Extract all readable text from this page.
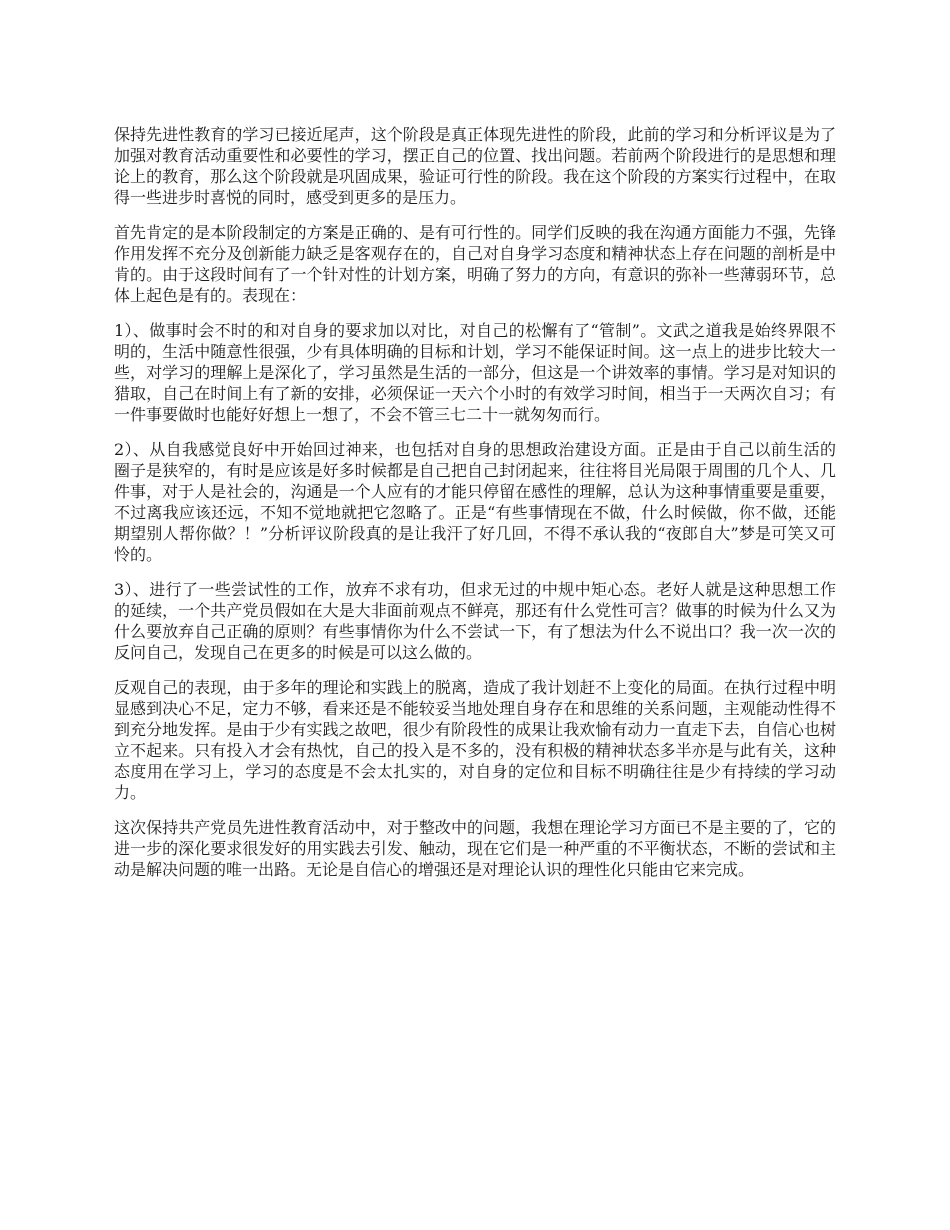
保持先进性教育的学习已接近尾声，这个阶段是真正体现先进性的阶段，此前的学习和分析评议是为了加强对教育活动重要性和必要性的学习，摆正自己的位置、找出问题。若前两个阶段进行的是思想和理论上的教育，那么这个阶段就是巩固成果，验证可行性的阶段。我在这个阶段的方案实行过程中，在取得一些进步时喜悦的同时，感受到更多的是压力。

首先肯定的是本阶段制定的方案是正确的、是有可行性的。同学们反映的我在沟通方面能力不强，先锋作用发挥不充分及创新能力缺乏是客观存在的，自己对自身学习态度和精神状态上存在问题的剖析是中肯的。由于这段时间有了一个针对性的计划方案，明确了努力的方向，有意识的弥补一些薄弱环节，总体上起色是有的。表现在：

1）、做事时会不时的和对自身的要求加以对比，对自己的松懈有了“管制”。文武之道我是始终界限不明的，生活中随意性很强，少有具体明确的目标和计划，学习不能保证时间。这一点上的进步比较大一些，对学习的理解上是深化了，学习虽然是生活的一部分，但这是一个讲效率的事情。学习是对知识的猎取，自己在时间上有了新的安排，必须保证一天六个小时的有效学习时间，相当于一天两次自习；有一件事要做时也能好好想上一想了，不会不管三七二十一就匆匆而行。

2）、从自我感觉良好中开始回过神来，也包括对自身的思想政治建设方面。正是由于自己以前生活的圈子是狭窄的，有时是应该是好多时候都是自己把自己封闭起来，往往将目光局限于周围的几个人、几件事，对于人是社会的，沟通是一个人应有的才能只停留在感性的理解，总认为这种事情重要是重要，不过离我应该还远，不知不觉地就把它忽略了。正是“有些事情现在不做，什么时候做，你不做，还能期望别人帮你做？！”分析评议阶段真的是让我汗了好几回，不得不承认我的“夜郎自大”梦是可笑又可怜的。

3）、进行了一些尝试性的工作，放弃不求有功，但求无过的中规中矩心态。老好人就是这种思想工作的延续，一个共产党员假如在大是大非面前观点不鲜亮，那还有什么党性可言？做事的时候为什么又为什么要放弃自己正确的原则？有些事情你为什么不尝试一下，有了想法为什么不说出口？我一次一次的反问自己，发现自己在更多的时候是可以这么做的。

反观自己的表现，由于多年的理论和实践上的脱离，造成了我计划赶不上变化的局面。在执行过程中明显感到决心不足，定力不够，看来还是不能较妥当地处理自身存在和思维的关系问题，主观能动性得不到充分地发挥。是由于少有实践之故吧，很少有阶段性的成果让我欢愉有动力一直走下去，自信心也树立不起来。只有投入才会有热忱，自己的投入是不多的，没有积极的精神状态多半亦是与此有关，这种态度用在学习上，学习的态度是不会太扎实的，对自身的定位和目标不明确往往是少有持续的学习动力。

这次保持共产党员先进性教育活动中，对于整改中的问题，我想在理论学习方面已不是主要的了，它的进一步的深化要求很发好的用实践去引发、触动，现在它们是一种严重的不平衡状态，不断的尝试和主动是解决问题的唯一出路。无论是自信心的增强还是对理论认识的理性化只能由它来完成。
